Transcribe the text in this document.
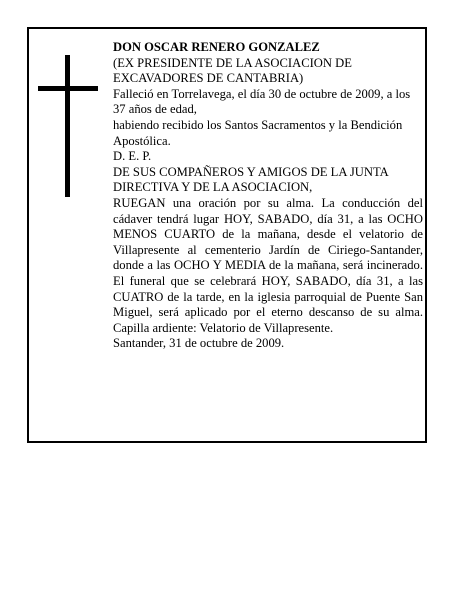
DON OSCAR RENERO GONZALEZ

(EX PRESIDENTE DE LA ASOCIACION DE EXCAVADORES DE CANTABRIA)

Falleció en Torrelavega, el día 30 de octubre de 2009, a los 37 años de edad,

habiendo recibido los Santos Sacramentos y la Bendición Apostólica.

D. E. P.

DE SUS COMPAÑEROS Y AMIGOS DE LA JUNTA DIRECTIVA Y DE LA ASOCIACION,

RUEGAN una oración por su alma. La conducción del cádaver tendrá lugar HOY, SABADO, día 31, a las OCHO MENOS CUARTO de la mañana, desde el velatorio de Villapresente al cementerio Jardín de Ciriego-Santander, donde a las OCHO Y MEDIA de la mañana, será incinerado. El funeral que se celebrará HOY, SABADO, día 31, a las CUATRO de la tarde, en la iglesia parroquial de Puente San Miguel, será aplicado por el eterno descanso de su alma. Capilla ardiente: Velatorio de Villapresente.

Santander, 31 de octubre de 2009.
